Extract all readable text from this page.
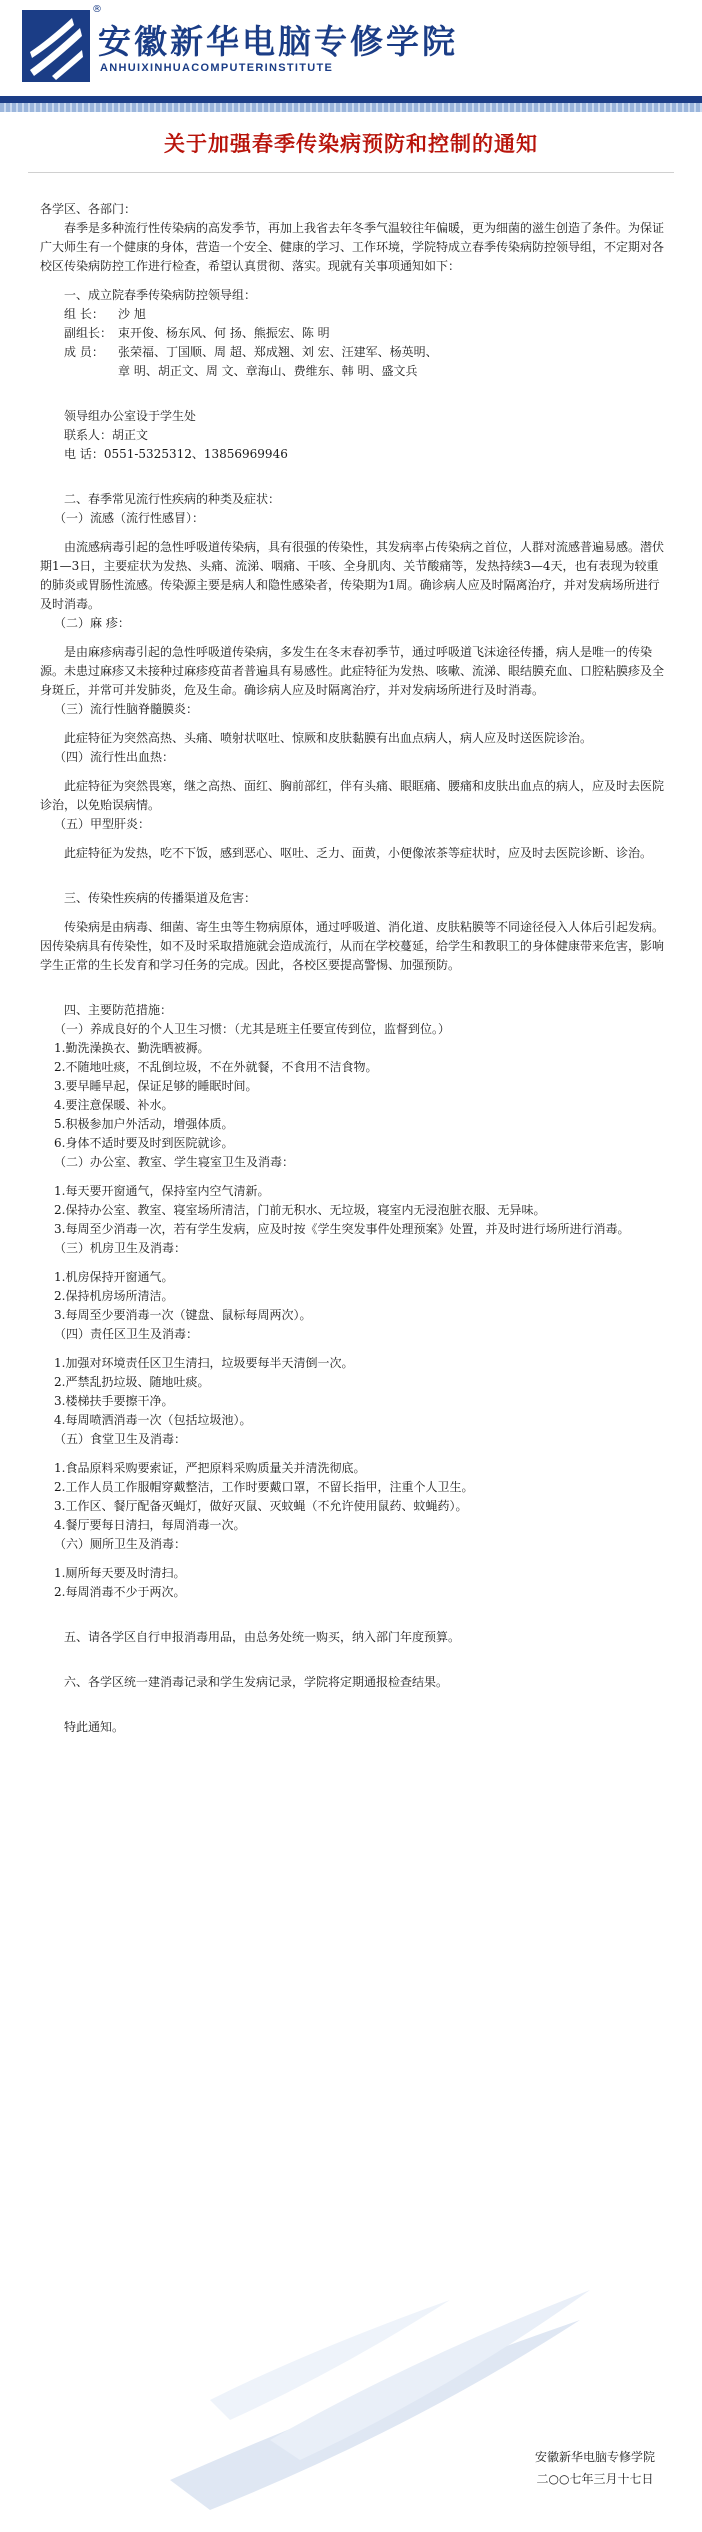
®
安徽新华电脑专修学院
ANHUIXINHUACOMPUTERINSTITUTE
关于加强春季传染病预防和控制的通知

各学区、各部门：

春季是多种流行性传染病的高发季节，再加上我省去年冬季气温较往年偏暖，更为细菌的滋生创造了条件。为保证广大师生有一个健康的身体，营造一个安全、健康的学习、工作环境，学院特成立春季传染病防控领导组，不定期对各校区传染病防控工作进行检查，希望认真贯彻、落实。现就有关事项通知如下：

一、成立院春季传染病防控领导组：

组 长： 沙 旭

副组长： 束开俊、杨东风、何 扬、熊振宏、陈 明

成 员： 张荣福、丁国顺、周 超、郑成翘、刘 宏、汪建军、杨英明、

章 明、胡正文、周 文、章海山、费维东、韩 明、盛文兵

领导组办公室设于学生处

联系人：胡正文

电 话：0551-5325312、13856969946

二、春季常见流行性疾病的种类及症状：

（一）流感（流行性感冒）：

由流感病毒引起的急性呼吸道传染病，具有很强的传染性，其发病率占传染病之首位，人群对流感普遍易感。潜伏期1—3日，主要症状为发热、头痛、流涕、咽痛、干咳、全身肌肉、关节酸痛等，发热持续3—4天，也有表现为较重的肺炎或胃肠性流感。传染源主要是病人和隐性感染者，传染期为1周。确诊病人应及时隔离治疗，并对发病场所进行及时消毒。

（二）麻 疹：

是由麻疹病毒引起的急性呼吸道传染病，多发生在冬末春初季节，通过呼吸道飞沫途径传播，病人是唯一的传染源。未患过麻疹又未接种过麻疹疫苗者普遍具有易感性。此症特征为发热、咳嗽、流涕、眼结膜充血、口腔粘膜疹及全身斑丘，并常可并发肺炎，危及生命。确诊病人应及时隔离治疗，并对发病场所进行及时消毒。

（三）流行性脑脊髓膜炎：

此症特征为突然高热、头痛、喷射状呕吐、惊厥和皮肤黏膜有出血点病人，病人应及时送医院诊治。

（四）流行性出血热：

此症特征为突然畏寒，继之高热、面红、胸前部红，伴有头痛、眼眶痛、腰痛和皮肤出血点的病人，应及时去医院诊治，以免贻误病情。

（五）甲型肝炎：

此症特征为发热，吃不下饭，感到恶心、呕吐、乏力、面黄，小便像浓茶等症状时，应及时去医院诊断、诊治。

三、传染性疾病的传播渠道及危害：

传染病是由病毒、细菌、寄生虫等生物病原体，通过呼吸道、消化道、皮肤粘膜等不同途径侵入人体后引起发病。因传染病具有传染性，如不及时采取措施就会造成流行，从而在学校蔓延，给学生和教职工的身体健康带来危害，影响学生正常的生长发育和学习任务的完成。因此，各校区要提高警惕、加强预防。

四、主要防范措施：

（一）养成良好的个人卫生习惯：（尤其是班主任要宣传到位，监督到位。）

1.勤洗澡换衣、勤洗晒被褥。

2.不随地吐痰，不乱倒垃圾，不在外就餐，不食用不洁食物。

3.要早睡早起，保证足够的睡眠时间。

4.要注意保暖、补水。

5.积极参加户外活动，增强体质。

6.身体不适时要及时到医院就诊。

（二）办公室、教室、学生寝室卫生及消毒：

1.每天要开窗通气，保持室内空气清新。

2.保持办公室、教室、寝室场所清洁，门前无积水、无垃圾，寝室内无浸泡脏衣服、无异味。

3.每周至少消毒一次，若有学生发病，应及时按《学生突发事件处理预案》处置，并及时进行场所进行消毒。

（三）机房卫生及消毒：

1.机房保持开窗通气。

2.保持机房场所清洁。

3.每周至少要消毒一次（键盘、鼠标每周两次）。

（四）责任区卫生及消毒：

1.加强对环境责任区卫生清扫，垃圾要每半天清倒一次。

2.严禁乱扔垃圾、随地吐痰。

3.楼梯扶手要擦干净。

4.每周喷洒消毒一次（包括垃圾池）。

（五）食堂卫生及消毒：

1.食品原料采购要索证，严把原料采购质量关并清洗彻底。

2.工作人员工作服帽穿戴整洁，工作时要戴口罩，不留长指甲，注重个人卫生。

3.工作区、餐厅配备灭蝇灯，做好灭鼠、灭蚊蝇（不允许使用鼠药、蚊蝇药）。

4.餐厅要每日清扫，每周消毒一次。

（六）厕所卫生及消毒：

1.厕所每天要及时清扫。

2.每周消毒不少于两次。

五、请各学区自行申报消毒用品，由总务处统一购买，纳入部门年度预算。

六、各学区统一建消毒记录和学生发病记录，学院将定期通报检查结果。

特此通知。

安徽新华电脑专修学院
二○○七年三月十七日
